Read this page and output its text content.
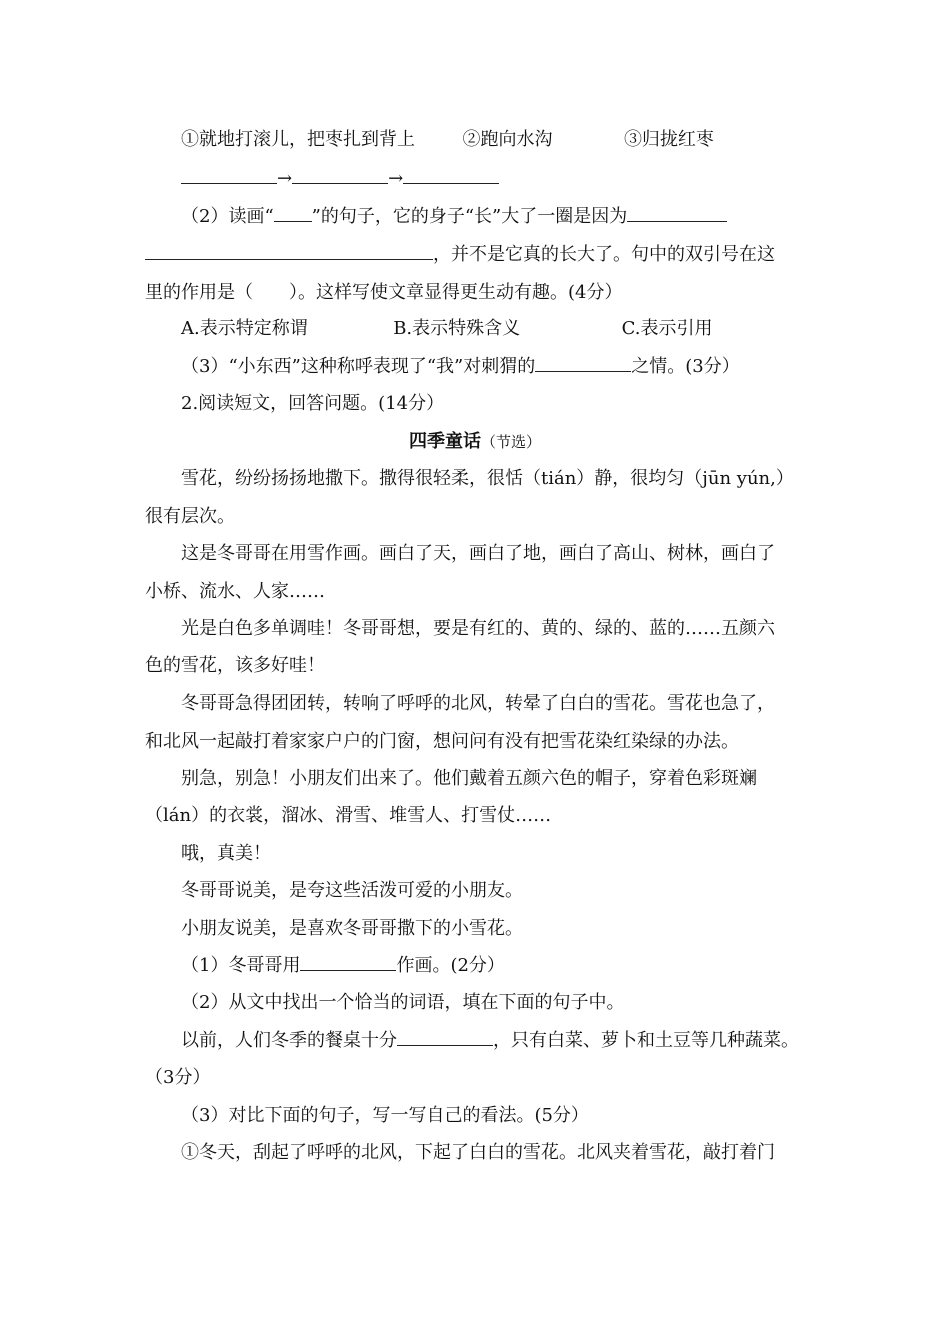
①就地打滚儿，把枣扎到背上	②跑向水沟	③归拢红枣
→	→
（2）读画“ ”的句子，它的身子“长”大了一圈是因为
，并不是它真的长大了。句中的双引号在这
里的作用是（　　）。这样写使文章显得更生动有趣。(4分）
A.表示特定称谓	B.表示特殊含义	C.表示引用
（3）“小东西”这种称呼表现了“我”对刺猬的	之情。(3分）
2.阅读短文，回答问题。(14分）
四季童话（节选）
雪花，纷纷扬扬地撒下。撒得很轻柔，很恬（tián）静，很均匀（jūn yún,）
很有层次。
这是冬哥哥在用雪作画。画白了天，画白了地，画白了高山、树林，画白了
小桥、流水、人家……
光是白色多单调哇！冬哥哥想，要是有红的、黄的、绿的、蓝的……五颜六
色的雪花，该多好哇！
冬哥哥急得团团转，转响了呼呼的北风，转晕了白白的雪花。雪花也急了，
和北风一起敲打着家家户户的门窗，想问问有没有把雪花染红染绿的办法。
别急，别急！小朋友们出来了。他们戴着五颜六色的帽子，穿着色彩斑斓
（lán）的衣裳，溜冰、滑雪、堆雪人、打雪仗……
哦，真美！
冬哥哥说美，是夸这些活泼可爱的小朋友。
小朋友说美，是喜欢冬哥哥撒下的小雪花。
（1）冬哥哥用	作画。(2分）
（2）从文中找出一个恰当的词语，填在下面的句子中。
以前，人们冬季的餐桌十分	，只有白菜、萝卜和土豆等几种蔬菜。
（3分）
（3）对比下面的句子，写一写自己的看法。(5分）
①冬天，刮起了呼呼的北风，下起了白白的雪花。北风夹着雪花，敲打着门
